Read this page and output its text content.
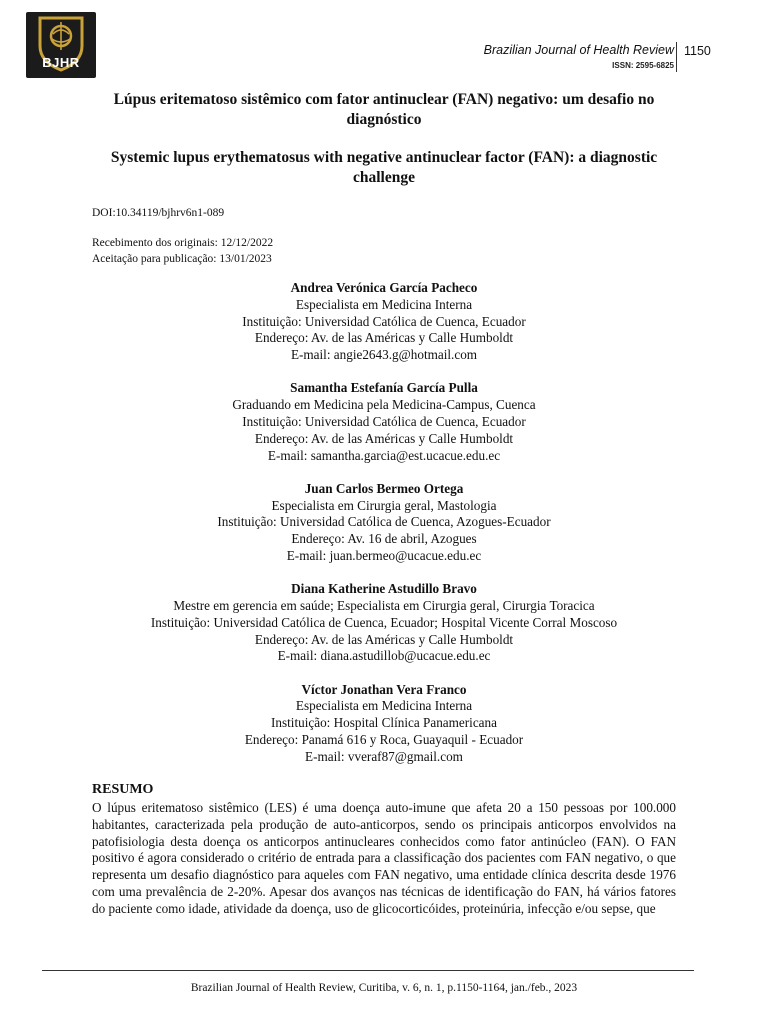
BJHR
Brazilian Journal of Health Review
ISSN: 2595-6825
1150
Lúpus eritematoso sistêmico com fator antinuclear (FAN) negativo: um desafio no diagnóstico
Systemic lupus erythematosus with negative antinuclear factor (FAN): a diagnostic challenge
DOI:10.34119/bjhrv6n1-089
Recebimento dos originais: 12/12/2022
Aceitação para publicação: 13/01/2023
Andrea Verónica García Pacheco
Especialista em Medicina Interna
Instituição: Universidad Católica de Cuenca, Ecuador
Endereço: Av. de las Américas y Calle Humboldt
E-mail: angie2643.g@hotmail.com
Samantha Estefanía García Pulla
Graduando em Medicina pela Medicina-Campus, Cuenca
Instituição: Universidad Católica de Cuenca, Ecuador
Endereço: Av. de las Américas y Calle Humboldt
E-mail: samantha.garcia@est.ucacue.edu.ec
Juan Carlos Bermeo Ortega
Especialista em Cirurgia geral, Mastologia
Instituição: Universidad Católica de Cuenca, Azogues-Ecuador
Endereço: Av. 16 de abril, Azogues
E-mail: juan.bermeo@ucacue.edu.ec
Diana Katherine Astudillo Bravo
Mestre em gerencia em saúde; Especialista em Cirurgia geral, Cirurgia Toracica
Instituição: Universidad Católica de Cuenca, Ecuador; Hospital Vicente Corral Moscoso
Endereço: Av. de las Américas y Calle Humboldt
E-mail: diana.astudillob@ucacue.edu.ec
Víctor Jonathan Vera Franco
Especialista em Medicina Interna
Instituição: Hospital Clínica Panamericana
Endereço: Panamá 616 y Roca, Guayaquil - Ecuador
E-mail: vveraf87@gmail.com
RESUMO
O lúpus eritematoso sistêmico (LES) é uma doença auto-imune que afeta 20 a 150 pessoas por 100.000 habitantes, caracterizada pela produção de auto-anticorpos, sendo os principais anticorpos envolvidos na patofisiologia desta doença os anticorpos antinucleares conhecidos como fator antinúcleo (FAN). O FAN positivo é agora considerado o critério de entrada para a classificação dos pacientes com FAN negativo, o que representa um desafio diagnóstico para aqueles com FAN negativo, uma entidade clínica descrita desde 1976 com uma prevalência de 2-20%. Apesar dos avanços nas técnicas de identificação do FAN, há vários fatores do paciente como idade, atividade da doença, uso de glicocorticóides, proteinúria, infecção e/ou sepse, que
Brazilian Journal of Health Review, Curitiba, v. 6, n. 1, p.1150-1164, jan./feb., 2023
